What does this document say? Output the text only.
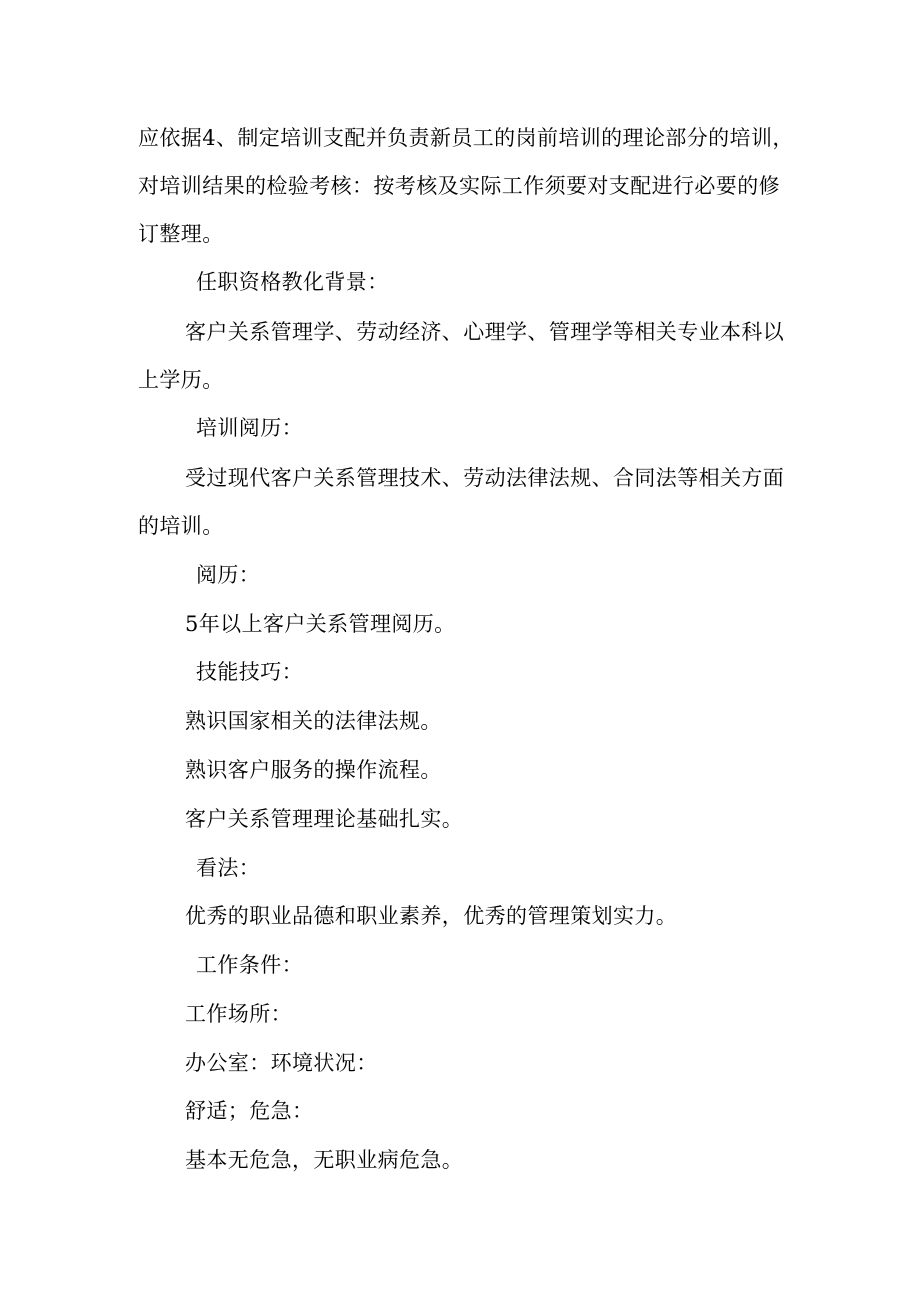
应依据4、制定培训支配并负责新员工的岗前培训的理论部分的培训，

对培训结果的检验考核：按考核及实际工作须要对支配进行必要的修

订整理。

任职资格教化背景：

客户关系管理学、劳动经济、心理学、管理学等相关专业本科以

上学历。

培训阅历：

受过现代客户关系管理技术、劳动法律法规、合同法等相关方面

的培训。

阅历：

5年以上客户关系管理阅历。

技能技巧：

熟识国家相关的法律法规。

熟识客户服务的操作流程。

客户关系管理理论基础扎实。

看法：

优秀的职业品德和职业素养，优秀的管理策划实力。

工作条件：

工作场所：

办公室：环境状况：

舒适；危急：

基本无危急，无职业病危急。
